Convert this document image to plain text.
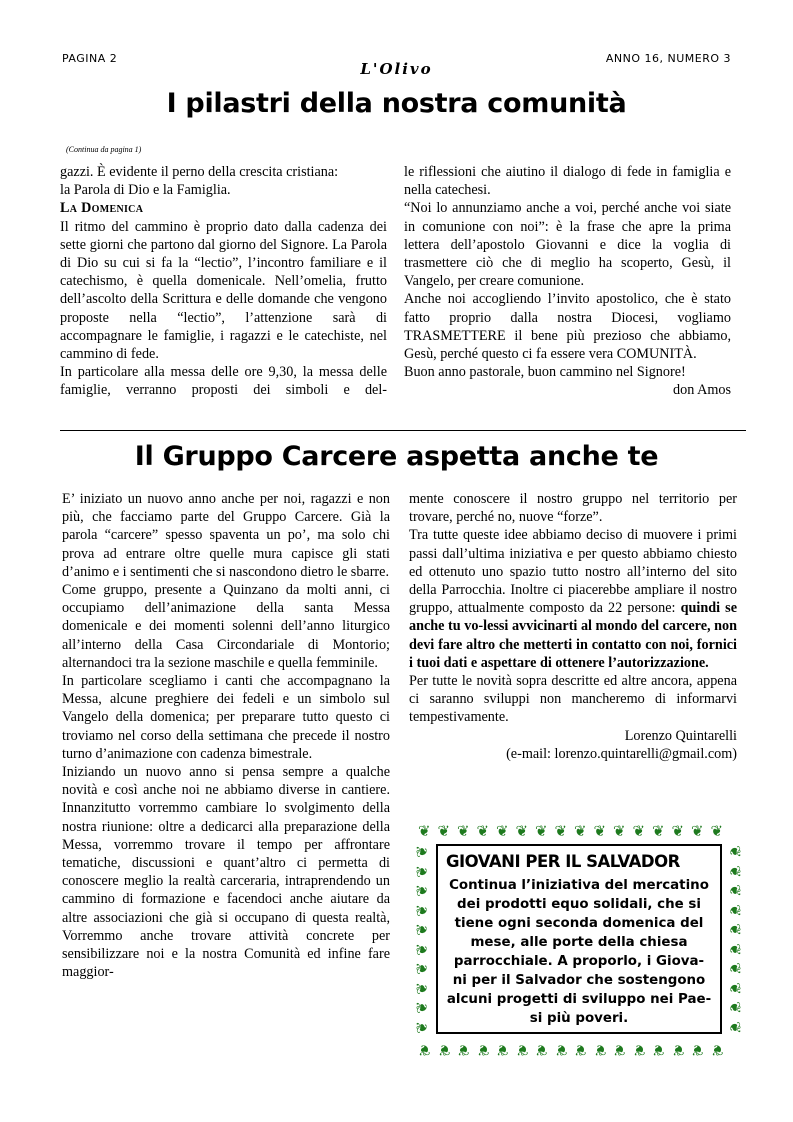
PAGINA 2	ANNO 16, NUMERO 3
L'Olivo
I pilastri della nostra comunità
(Continua da pagina 1)

gazzi. È evidente il perno della crescita cristiana:

la Parola di Dio e la Famiglia.

La Domenica

Il ritmo del cammino è proprio dato dalla cadenza dei sette giorni che partono dal giorno del Signore. La Parola di Dio su cui si fa la “lectio”, l’incontro familiare e il catechismo, è quella domenicale. Nell’omelia, frutto dell’ascolto della Scrittura e delle domande che vengono proposte nella “lectio”, l’attenzione sarà di accompagnare le famiglie, i ragazzi e le catechiste, nel cammino di fede.

In particolare alla messa delle ore 9,30, la messa delle famiglie, verranno proposti dei simboli e del-

le riflessioni che aiutino il dialogo di fede in famiglia e nella catechesi.

“Noi lo annunziamo anche a voi, perché anche voi siate in comunione con noi”: è la frase che apre la prima lettera dell’apostolo Giovanni e dice la voglia di trasmettere ciò che di meglio ha scoperto, Gesù, il Vangelo, per creare comunione.

Anche noi accogliendo l’invito apostolico, che è stato fatto proprio dalla nostra Diocesi, vogliamo TRASMETTERE il bene più prezioso che abbiamo, Gesù, perché questo ci fa essere vera COMUNITÀ.

Buon anno pastorale, buon cammino nel Signore!

don Amos

Il Gruppo Carcere aspetta anche te

E’ iniziato un nuovo anno anche per noi, ragazzi e non più, che facciamo parte del Gruppo Carcere. Già la parola “carcere” spesso spaventa un po’, ma solo chi prova ad entrare oltre quelle mura capisce gli stati d’animo e i sentimenti che si nascondono dietro le sbarre.

Come gruppo, presente a Quinzano da molti anni, ci occupiamo dell’animazione della santa Messa domenicale e dei momenti solenni dell’anno liturgico all’interno della Casa Circondariale di Montorio; alternandoci tra la sezione maschile e quella femminile.

In particolare scegliamo i canti che accompagnano la Messa, alcune preghiere dei fedeli e un simbolo sul Vangelo della domenica; per preparare tutto questo ci troviamo nel corso della settimana che precede il nostro turno d’animazione con cadenza bimestrale.

Iniziando un nuovo anno si pensa sempre a qualche novità e così anche noi ne abbiamo diverse in cantiere. Innanzitutto vorremmo cambiare lo svolgimento della nostra riunione: oltre a dedicarci alla preparazione della Messa, vorremmo trovare il tempo per affrontare tematiche, discussioni e quant’altro ci permetta di conoscere meglio la realtà carceraria, intraprendendo un cammino di formazione e facendoci anche aiutare da altre associazioni che già si occupano di questa realtà, Vorremmo anche trovare attività concrete per sensibilizzare noi e la nostra Comunità ed infine fare maggior-

mente conoscere il nostro gruppo nel territorio per trovare, perché no, nuove “forze”.

Tra tutte queste idee abbiamo deciso di muovere i primi passi dall’ultima iniziativa e per questo abbiamo chiesto ed ottenuto uno spazio tutto nostro all’interno del sito della Parrocchia. Inoltre ci piacerebbe ampliare il nostro gruppo, attualmente composto da 22 persone: quindi se anche tu vo-lessi avvicinarti al mondo del carcere, non devi fare altro che metterti in contatto con noi, fornici i tuoi dati e aspettare di ottenere l’autorizzazione.

Per tutte le novità sopra descritte ed altre ancora, appena ci saranno sviluppi non mancheremo di informarvi tempestivamente.

Lorenzo Quintarelli

(e-mail: lorenzo.quintarelli@gmail.com)

❦
❦
❦
❦
❦
❦
❦
❦
❦
❦
❦
❦
❦
❦
❦
❦
❦
❦
❦
❦
❦
❦
❦
❦
❦
❦
❦
❦
❦
❦
❦
❦
❦	❦
❦	❦
❦	❦
❦	❦
❦	❦
❦	❦
❦	❦
❦	❦
❦	❦
❦	❦
GIOVANI PER IL SALVADOR
Continua l’iniziativa del mercatino
dei prodotti equo solidali, che si
tiene ogni seconda domenica del
mese, alle porte della chiesa
parrocchiale. A proporlo, i Giova-
ni per il Salvador che sostengono
alcuni progetti di sviluppo nei Pae-
si più poveri.
